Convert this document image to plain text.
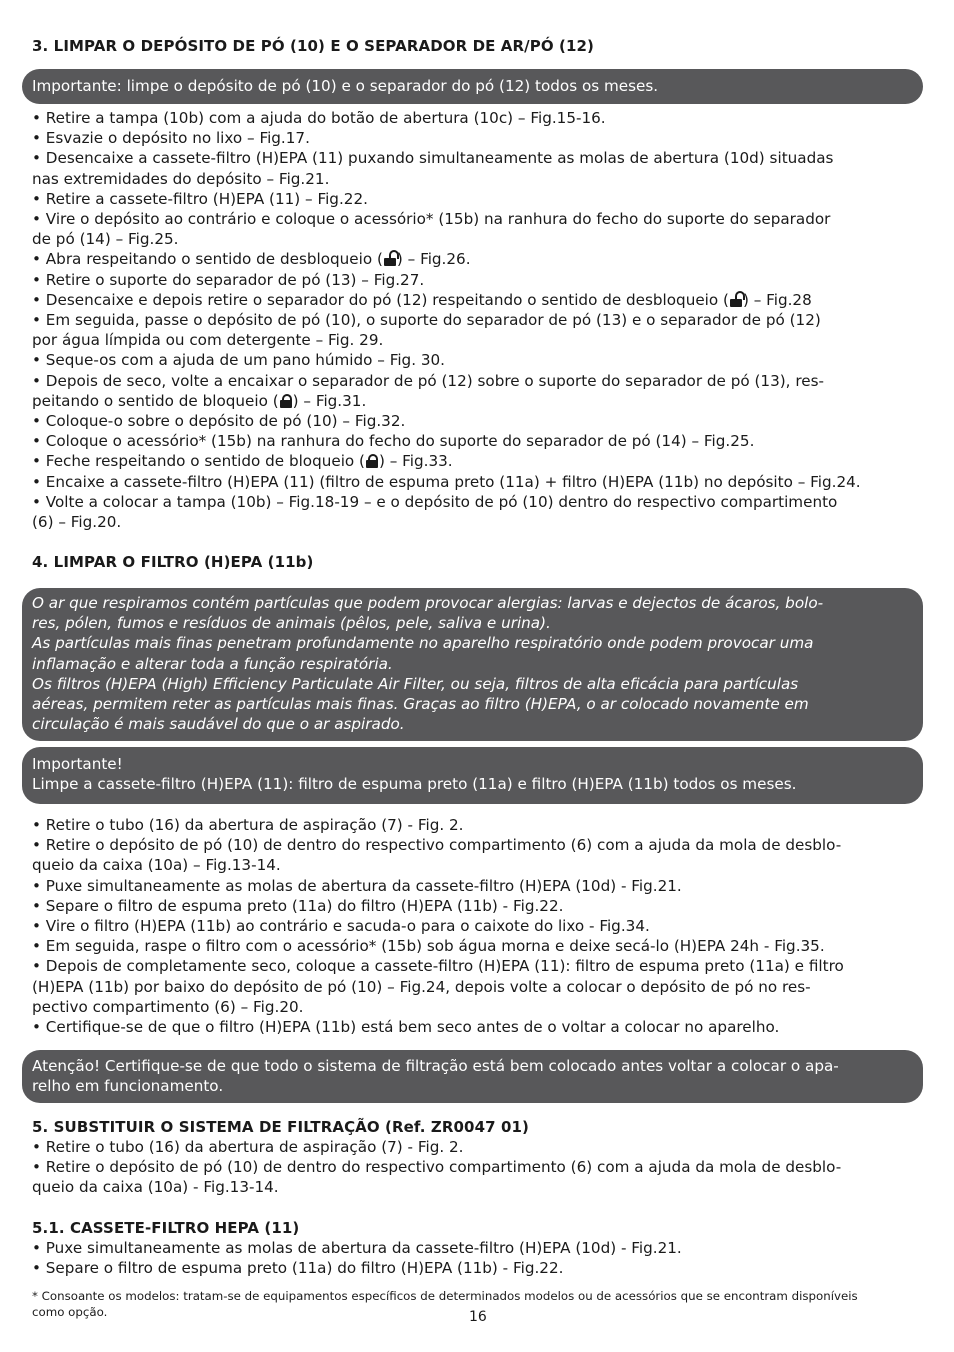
3. LIMPAR O DEPÓSITO DE PÓ (10) E O SEPARADOR DE AR/PÓ (12)
Importante: limpe o depósito de pó (10) e o separador do pó (12) todos os meses.
• Retire a tampa (10b) com a ajuda do botão de abertura (10c) – Fig.15-16.
• Esvazie o depósito no lixo – Fig.17.
• Desencaixe a cassete-filtro (H)EPA (11) puxando simultaneamente as molas de abertura (10d) situadas
nas extremidades do depósito – Fig.21.
• Retire a cassete-filtro (H)EPA (11) – Fig.22.
• Vire o depósito ao contrário e coloque o acessório* (15b) na ranhura do fecho do suporte do separador
de pó (14) – Fig.25.
• Abra respeitando o sentido de desbloqueio ( ) – Fig.26.
• Retire o suporte do separador de pó (13) – Fig.27.
• Desencaixe e depois retire o separador do pó (12) respeitando o sentido de desbloqueio ( ) – Fig.28
• Em seguida, passe o depósito de pó (10), o suporte do separador de pó (13) e o separador de pó (12)
por água límpida ou com detergente – Fig. 29.
• Seque-os com a ajuda de um pano húmido – Fig. 30.
• Depois de seco, volte a encaixar o separador de pó (12) sobre o suporte do separador de pó (13), res-
peitando o sentido de bloqueio ( ) – Fig.31.
• Coloque-o sobre o depósito de pó (10) – Fig.32.
• Coloque o acessório* (15b) na ranhura do fecho do suporte do separador de pó (14) – Fig.25.
• Feche respeitando o sentido de bloqueio ( ) – Fig.33.
• Encaixe a cassete-filtro (H)EPA (11) (filtro de espuma preto (11a) + filtro (H)EPA (11b) no depósito – Fig.24.
• Volte a colocar a tampa (10b) – Fig.18-19 – e o depósito de pó (10) dentro do respectivo compartimento
(6) – Fig.20.
4. LIMPAR O FILTRO (H)EPA (11b)
O ar que respiramos contém partículas que podem provocar alergias: larvas e dejectos de ácaros, bolo-
res, pólen, fumos e resíduos de animais (pêlos, pele, saliva e urina).
As partículas mais finas penetram profundamente no aparelho respiratório onde podem provocar uma
inflamação e alterar toda a função respiratória.
Os filtros (H)EPA (High) Efficiency Particulate Air Filter, ou seja, filtros de alta eficácia para partículas
aéreas, permitem reter as partículas mais finas. Graças ao filtro (H)EPA, o ar colocado novamente em
circulação é mais saudável do que o ar aspirado.
Importante!
Limpe a cassete-filtro (H)EPA (11): filtro de espuma preto (11a) e filtro (H)EPA (11b) todos os meses.
• Retire o tubo (16) da abertura de aspiração (7) - Fig. 2.
• Retire o depósito de pó (10) de dentro do respectivo compartimento (6) com a ajuda da mola de desblo-
queio da caixa (10a) – Fig.13-14.
• Puxe simultaneamente as molas de abertura da cassete-filtro (H)EPA (10d) - Fig.21.
• Separe o filtro de espuma preto (11a) do filtro (H)EPA (11b) - Fig.22.
• Vire o filtro (H)EPA (11b) ao contrário e sacuda-o para o caixote do lixo - Fig.34.
• Em seguida, raspe o filtro com o acessório* (15b) sob água morna e deixe secá-lo (H)EPA 24h - Fig.35.
• Depois de completamente seco, coloque a cassete-filtro (H)EPA (11): filtro de espuma preto (11a) e filtro
(H)EPA (11b) por baixo do depósito de pó (10) – Fig.24, depois volte a colocar o depósito de pó no res-
pectivo compartimento (6) – Fig.20.
• Certifique-se de que o filtro (H)EPA (11b) está bem seco antes de o voltar a colocar no aparelho.
Atenção! Certifique-se de que todo o sistema de filtração está bem colocado antes voltar a colocar o apa-
relho em funcionamento.
5. SUBSTITUIR O SISTEMA DE FILTRAÇÃO (Ref. ZR0047 01)
• Retire o tubo (16) da abertura de aspiração (7) - Fig. 2.
• Retire o depósito de pó (10) de dentro do respectivo compartimento (6) com a ajuda da mola de desblo-
queio da caixa (10a) - Fig.13-14.
5.1. CASSETE-FILTRO HEPA (11)
• Puxe simultaneamente as molas de abertura da cassete-filtro (H)EPA (10d) - Fig.21.
• Separe o filtro de espuma preto (11a) do filtro (H)EPA (11b) - Fig.22.
* Consoante os modelos: tratam-se de equipamentos específicos de determinados modelos ou de acessórios que se encontram disponíveis
como opção.	16
